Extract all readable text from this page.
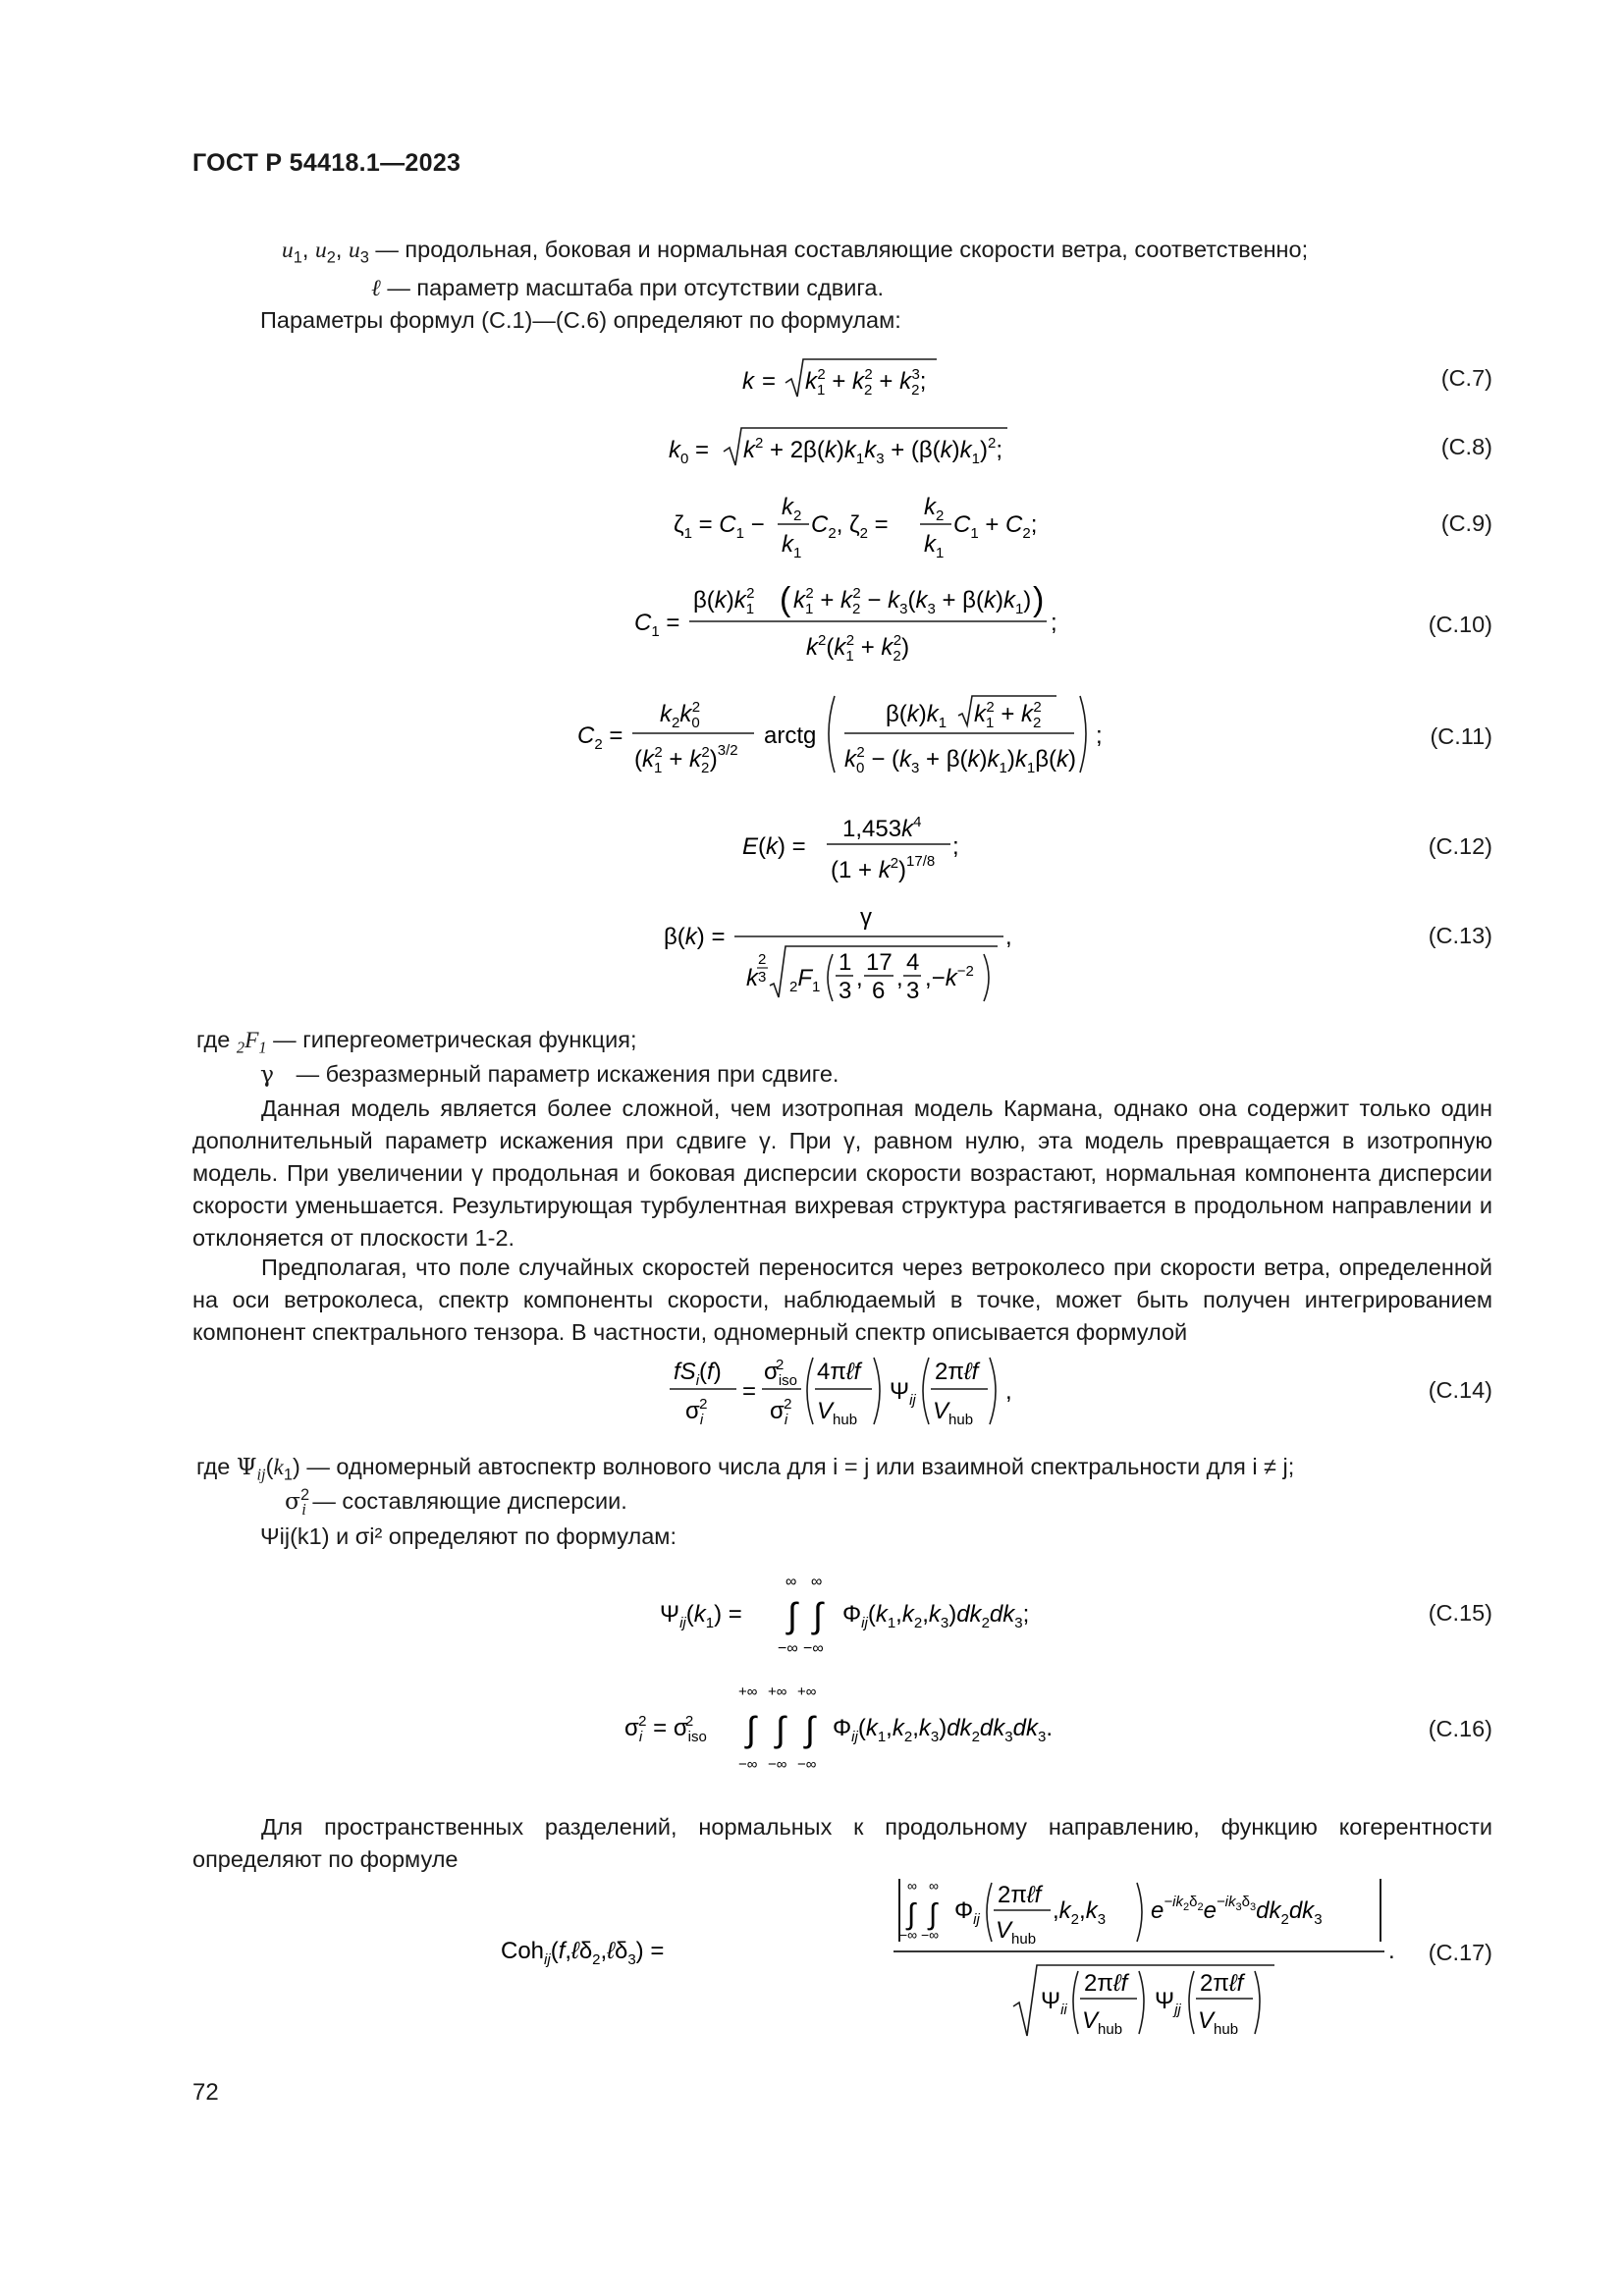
ГОСТ Р 54418.1—2023
$u_1$, $u_2$, $u_3$ — продольная, боковая и нормальная составляющие скорости ветра, соответственно;
ℓ — параметр масштаба при отсутствии сдвига.
Параметры формул (С.1)—(С.6) определяют по формулам:
$k = k_12 + k_22 + k_23$;	(С.7)
$k_0 = k^2 + 2\beta(k)k_1k_3 + (\beta(k)k_1)^2$;	(С.8)
$\zeta_1 = C_1$ −
$k_2$
$k_1$
$C_2$, $\zeta_2$ =
$k_2$
$k_1$
$C_1 + C_2$;	(С.9)
$C_1$ =
$\beta(k)k_12$ ( $k_12 + k_22 - k_3(k_3 + \beta(k)k_1)$ )
$k^2(k_12 + k_22)$
;	(С.10)
$C_2$ =
$k_2k_02$
$(k_12 + k_22)^{3/2}$
arctg
$\beta(k)k_1$ $k_12 + k_22$
$k_02 - (k_3 + \beta(k)k_1)k_1\beta(k)$
;	(С.11)
E(k) =
$1,453k^4$
$(1 + k^2)^{17/8}$
;	(С.12)
β(k) =
γ
k
2
3
$_2F_1$
1
3 ,
17
6 ,
4
3 $,-k^{-2}$
,	(С.13)
где $_2F_1$ — гипергеометрическая функция;
γ — безразмерный параметр искажения при сдвиге.
Данная модель является более сложной, чем изотропная модель Кармана, однако она содержит только один дополнительный параметр искажения при сдвиге γ. При γ, равном нулю, эта модель превращается в изотропную модель. При увеличении γ продольная и боковая дисперсии скорости возрастают, нормальная компонента дисперсии скорости уменьшается. Результирующая турбулентная вихревая структура растягивается в продольном направлении и отклоняется от плоскости 1-2.
Предполагая, что поле случайных скоростей переносится через ветроколесо при скорости ветра, определенной на оси ветроколеса, спектр компоненты скорости, наблюдаемый в точке, может быть получен интегрированием компонент спектрального тензора. В частности, одномерный спектр описывается формулой
$fS_i(f)$
$\sigma_i2$ =
$\sigma_{iso}2$
$\sigma_i2$
4πℓf
$V_{hub}$
$\Psi_{ij}$
2πℓf
$V_{hub}$
,	(С.14)
где $\Psi_{ij}(k_1)$ — одномерный автоспектр волнового числа для i = j или взаимной спектральности для i ≠ j;
$\sigma^2_i$ — составляющие дисперсии.
Ψij(k1) и σi² определяют по формулам:
$\Psi_{ij}(k_1)$ =
∞ ∞
∫ ∫
−∞ −∞
$\Phi_{ij}(k_1,k_2,k_3)dk_2dk_3$;	(С.15)
$\sigma_i2 = \sigma_{iso}2$
+∞ +∞ +∞
∫ ∫ ∫
−∞ −∞ −∞
$\Phi_{ij}(k_1,k_2,k_3)dk_2dk_3dk_3$.	(С.16)
Для пространственных разделений, нормальных к продольному направлению, функцию когерентности определяют по формуле
Coh$_{ij}$(f,ℓδ$_2$,ℓδ$_3$) =
∞ ∞
∫ ∫
−∞ −∞
$\Phi_{ij}$
2πℓf
$V_{hub}$
$,k_2,k_3$ $e^{-ik}2\delta 2e^{-ik}3\delta 3dk_2dk_3$
.
$\Psi_{ii}$
2πℓf
$V_{hub}$
$\Psi_{jj}$
2πℓf
$V_{hub}$
(С.17)
72
